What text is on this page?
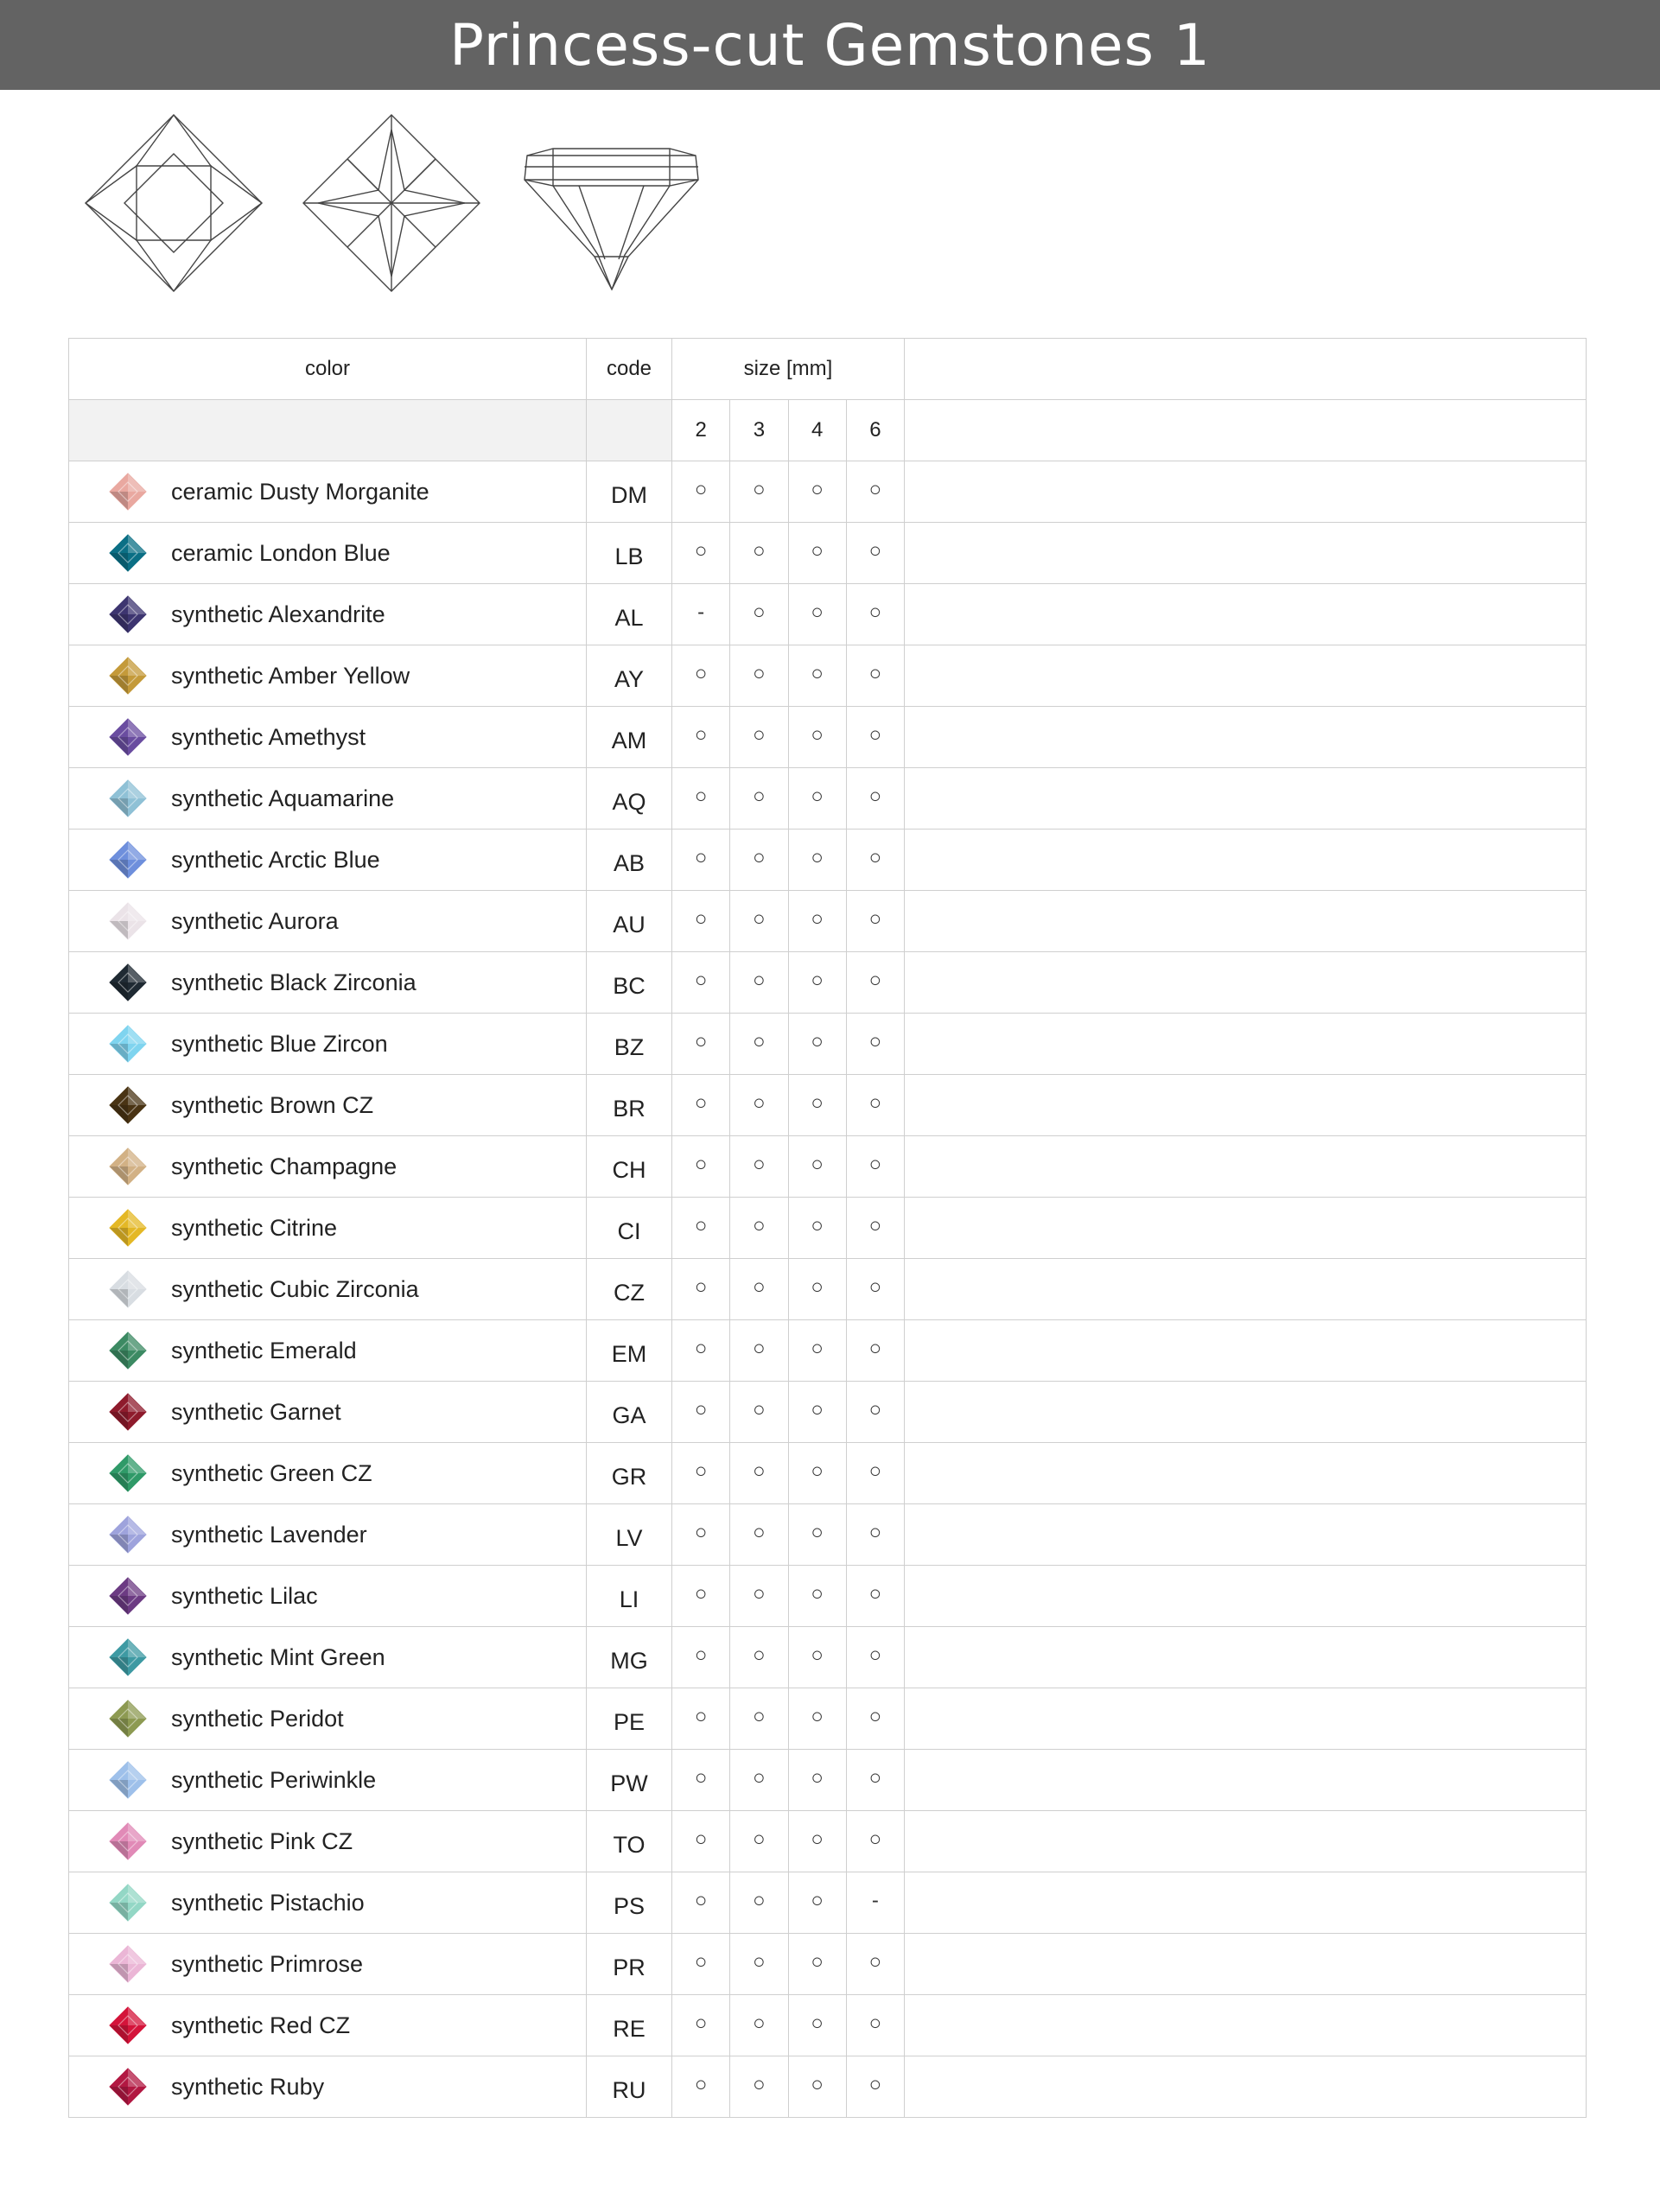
Princess-cut Gemstones 1
color	code	size [mm]				
		2	3	4	6	

ceramic Dusty Morganite	DM	○	○	○	○	

ceramic London Blue	LB	○	○	○	○	

synthetic Alexandrite	AL	-	○	○	○	

synthetic Amber Yellow	AY	○	○	○	○	

synthetic Amethyst	AM	○	○	○	○	

synthetic Aquamarine	AQ	○	○	○	○	

synthetic Arctic Blue	AB	○	○	○	○	

synthetic Aurora	AU	○	○	○	○	

synthetic Black Zirconia	BC	○	○	○	○	

synthetic Blue Zircon	BZ	○	○	○	○	

synthetic Brown CZ	BR	○	○	○	○	

synthetic Champagne	CH	○	○	○	○	

synthetic Citrine	CI	○	○	○	○	

synthetic Cubic Zirconia	CZ	○	○	○	○	

synthetic Emerald	EM	○	○	○	○	

synthetic Garnet	GA	○	○	○	○	

synthetic Green CZ	GR	○	○	○	○	

synthetic Lavender	LV	○	○	○	○	

synthetic Lilac	LI	○	○	○	○	

synthetic Mint Green	MG	○	○	○	○	

synthetic Peridot	PE	○	○	○	○	

synthetic Periwinkle	PW	○	○	○	○	

synthetic Pink CZ	TO	○	○	○	○	

synthetic Pistachio	PS	○	○	○	-	

synthetic Primrose	PR	○	○	○	○	

synthetic Red CZ	RE	○	○	○	○	

synthetic Ruby	RU	○	○	○	○	
